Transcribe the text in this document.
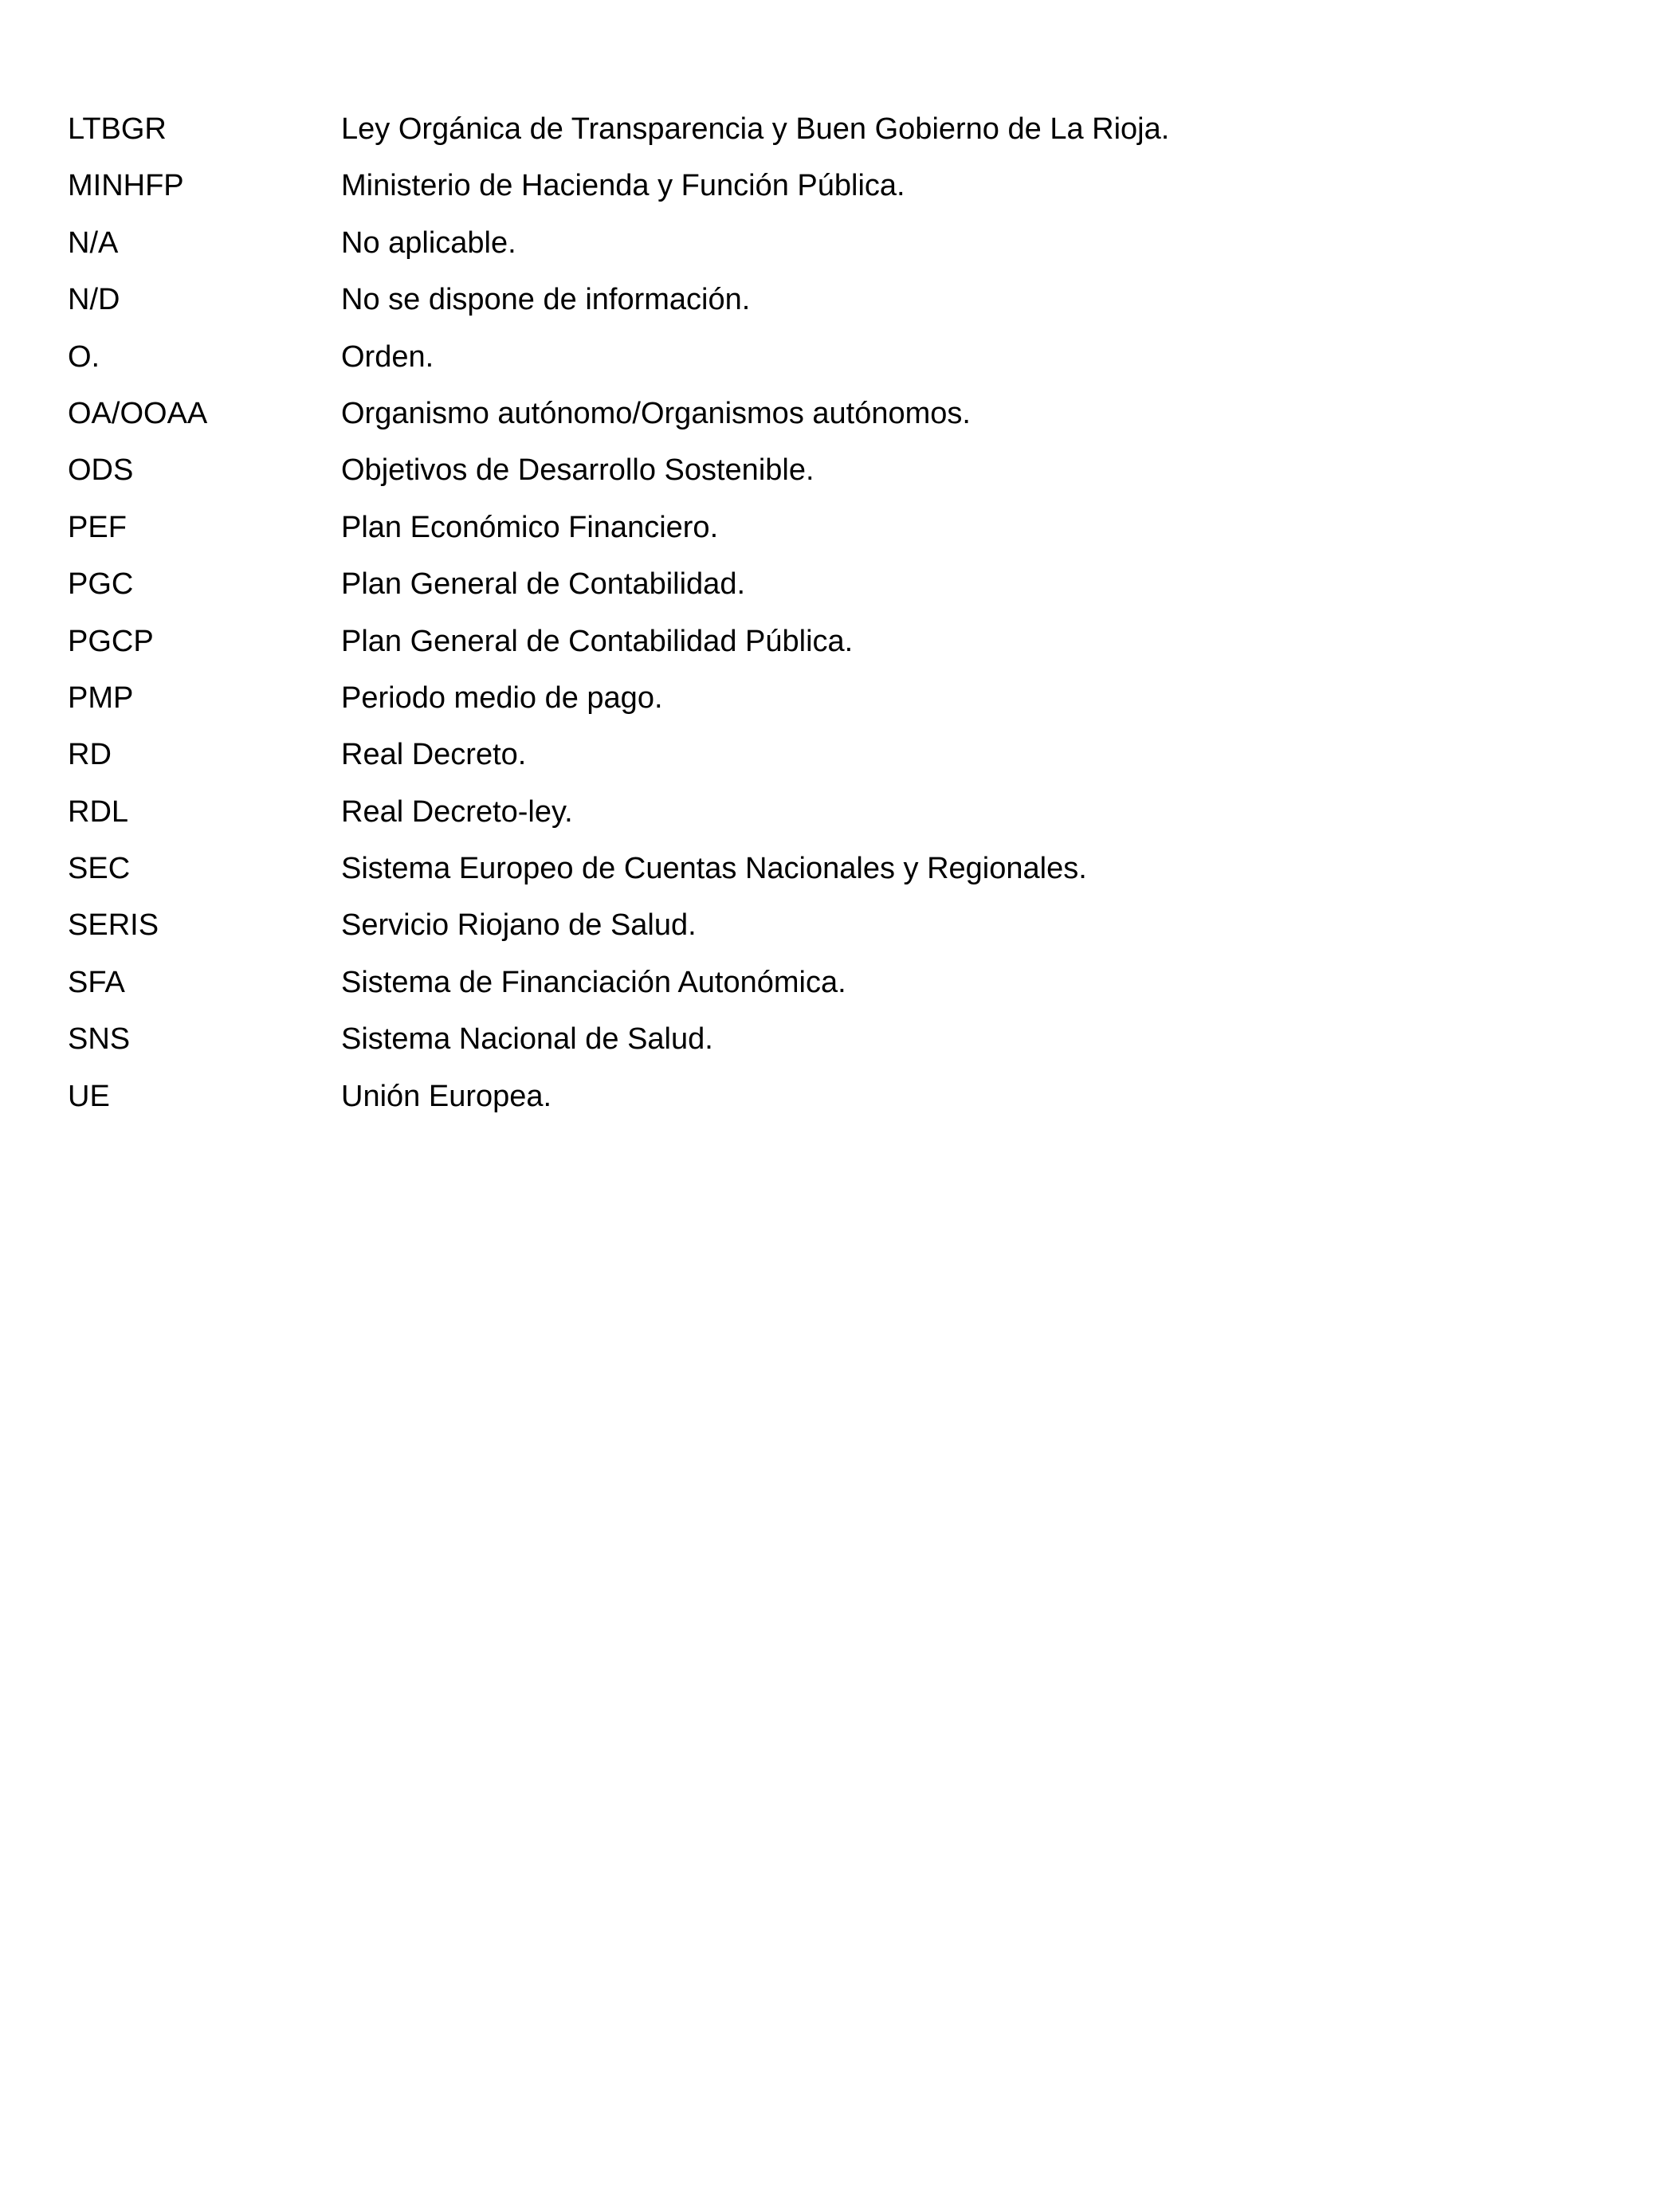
LTBGR	Ley Orgánica de Transparencia y Buen Gobierno de La Rioja.
MINHFP	Ministerio de Hacienda y Función Pública.
N/A	No aplicable.
N/D	No se dispone de información.
O.	Orden.
OA/OOAA	Organismo autónomo/Organismos autónomos.
ODS	Objetivos de Desarrollo Sostenible.
PEF	Plan Económico Financiero.
PGC	Plan General de Contabilidad.
PGCP	Plan General de Contabilidad Pública.
PMP	Periodo medio de pago.
RD	Real Decreto.
RDL	Real Decreto-ley.
SEC	Sistema Europeo de Cuentas Nacionales y Regionales.
SERIS	Servicio Riojano de Salud.
SFA	Sistema de Financiación Autonómica.
SNS	Sistema Nacional de Salud.
UE	Unión Europea.
